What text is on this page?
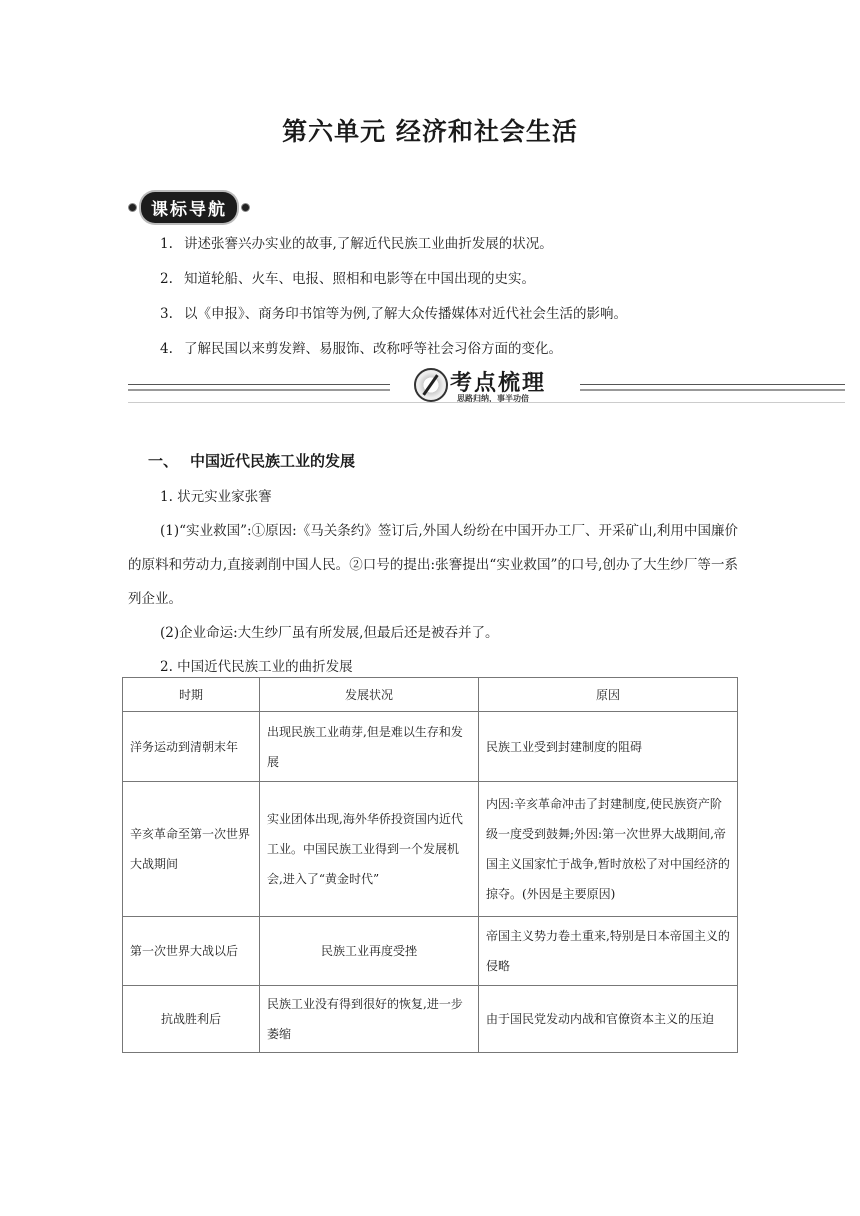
第六单元 经济和社会生活
课标导航
1. 讲述张謇兴办实业的故事,了解近代民族工业曲折发展的状况。
2. 知道轮船、火车、电报、照相和电影等在中国出现的史实。
3. 以《申报》、商务印书馆等为例,了解大众传播媒体对近代社会生活的影响。
4. 了解民国以来剪发辫、易服饰、改称呼等社会习俗方面的变化。
考点梳理
思路归纳，事半功倍
一、 中国近代民族工业的发展

1. 状元实业家张謇

(1)“实业救国”:①原因:《马关条约》签订后,外国人纷纷在中国开办工厂、开采矿山,利用中国廉价的原料和劳动力,直接剥削中国人民。②口号的提出:张謇提出“实业救国”的口号,创办了大生纱厂等一系列企业。

(2)企业命运:大生纱厂虽有所发展,但最后还是被吞并了。

2. 中国近代民族工业的曲折发展

时期	发展状况	原因
洋务运动到清朝末年	出现民族工业萌芽,但是难以生存和发展	民族工业受到封建制度的阻碍
辛亥革命至第一次世界大战期间	实业团体出现,海外华侨投资国内近代工业。中国民族工业得到一个发展机会,进入了“黄金时代”	内因:辛亥革命冲击了封建制度,使民族资产阶级一度受到鼓舞;外因:第一次世界大战期间,帝国主义国家忙于战争,暂时放松了对中国经济的掠夺。(外因是主要原因)
第一次世界大战以后	民族工业再度受挫	帝国主义势力卷土重来,特别是日本帝国主义的侵略
抗战胜利后	民族工业没有得到很好的恢复,进一步萎缩	由于国民党发动内战和官僚资本主义的压迫
